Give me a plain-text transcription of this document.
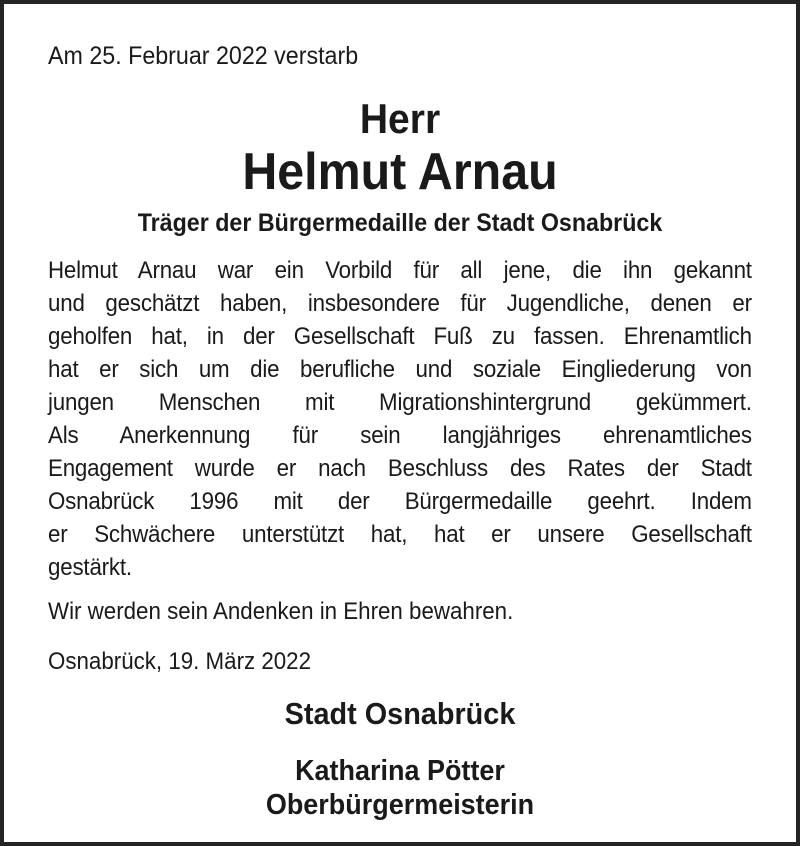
Am 25. Februar 2022 verstarb
Herr
Helmut Arnau
Träger der Bürgermedaille der Stadt Osnabrück
Helmut Arnau war ein Vorbild für all jene, die ihn gekannt
und geschätzt haben, insbesondere für Jugendliche, denen er
geholfen hat, in der Gesellschaft Fuß zu fassen. Ehrenamtlich
hat er sich um die berufliche und soziale Eingliederung von
jungen Menschen mit Migrationshintergrund gekümmert.
Als Anerkennung für sein langjähriges ehrenamtliches
Engagement wurde er nach Beschluss des Rates der Stadt
Osnabrück 1996 mit der Bürgermedaille geehrt. Indem
er Schwächere unterstützt hat, hat er unsere Gesellschaft
gestärkt.
Wir werden sein Andenken in Ehren bewahren.
Osnabrück, 19. März 2022
Stadt Osnabrück
Katharina Pötter
Oberbürgermeisterin
